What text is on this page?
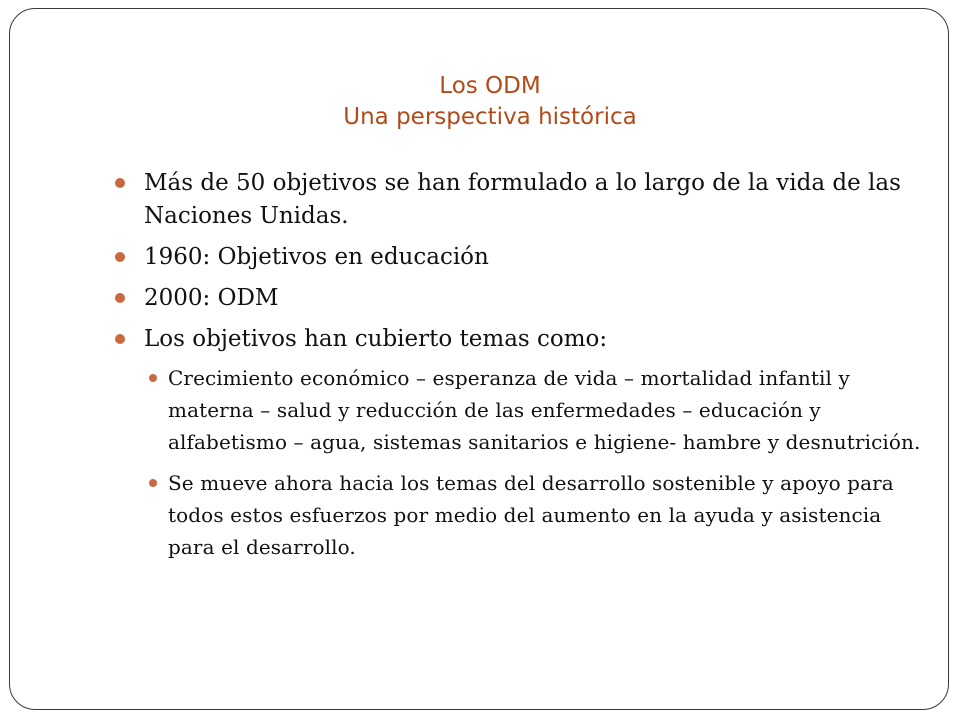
Los ODM
Una perspectiva histórica
Más de 50 objetivos se han formulado a lo largo de la vida de las Naciones Unidas.
1960: Objetivos en educación
2000: ODM
Los objetivos han cubierto temas como:
Crecimiento económico – esperanza de vida – mortalidad infantil y materna – salud y reducción de las enfermedades – educación y alfabetismo – agua, sistemas sanitarios e higiene- hambre y desnutrición.
Se mueve ahora hacia los temas del desarrollo sostenible y apoyo para todos estos esfuerzos por medio del aumento en la ayuda y asistencia para el desarrollo.
